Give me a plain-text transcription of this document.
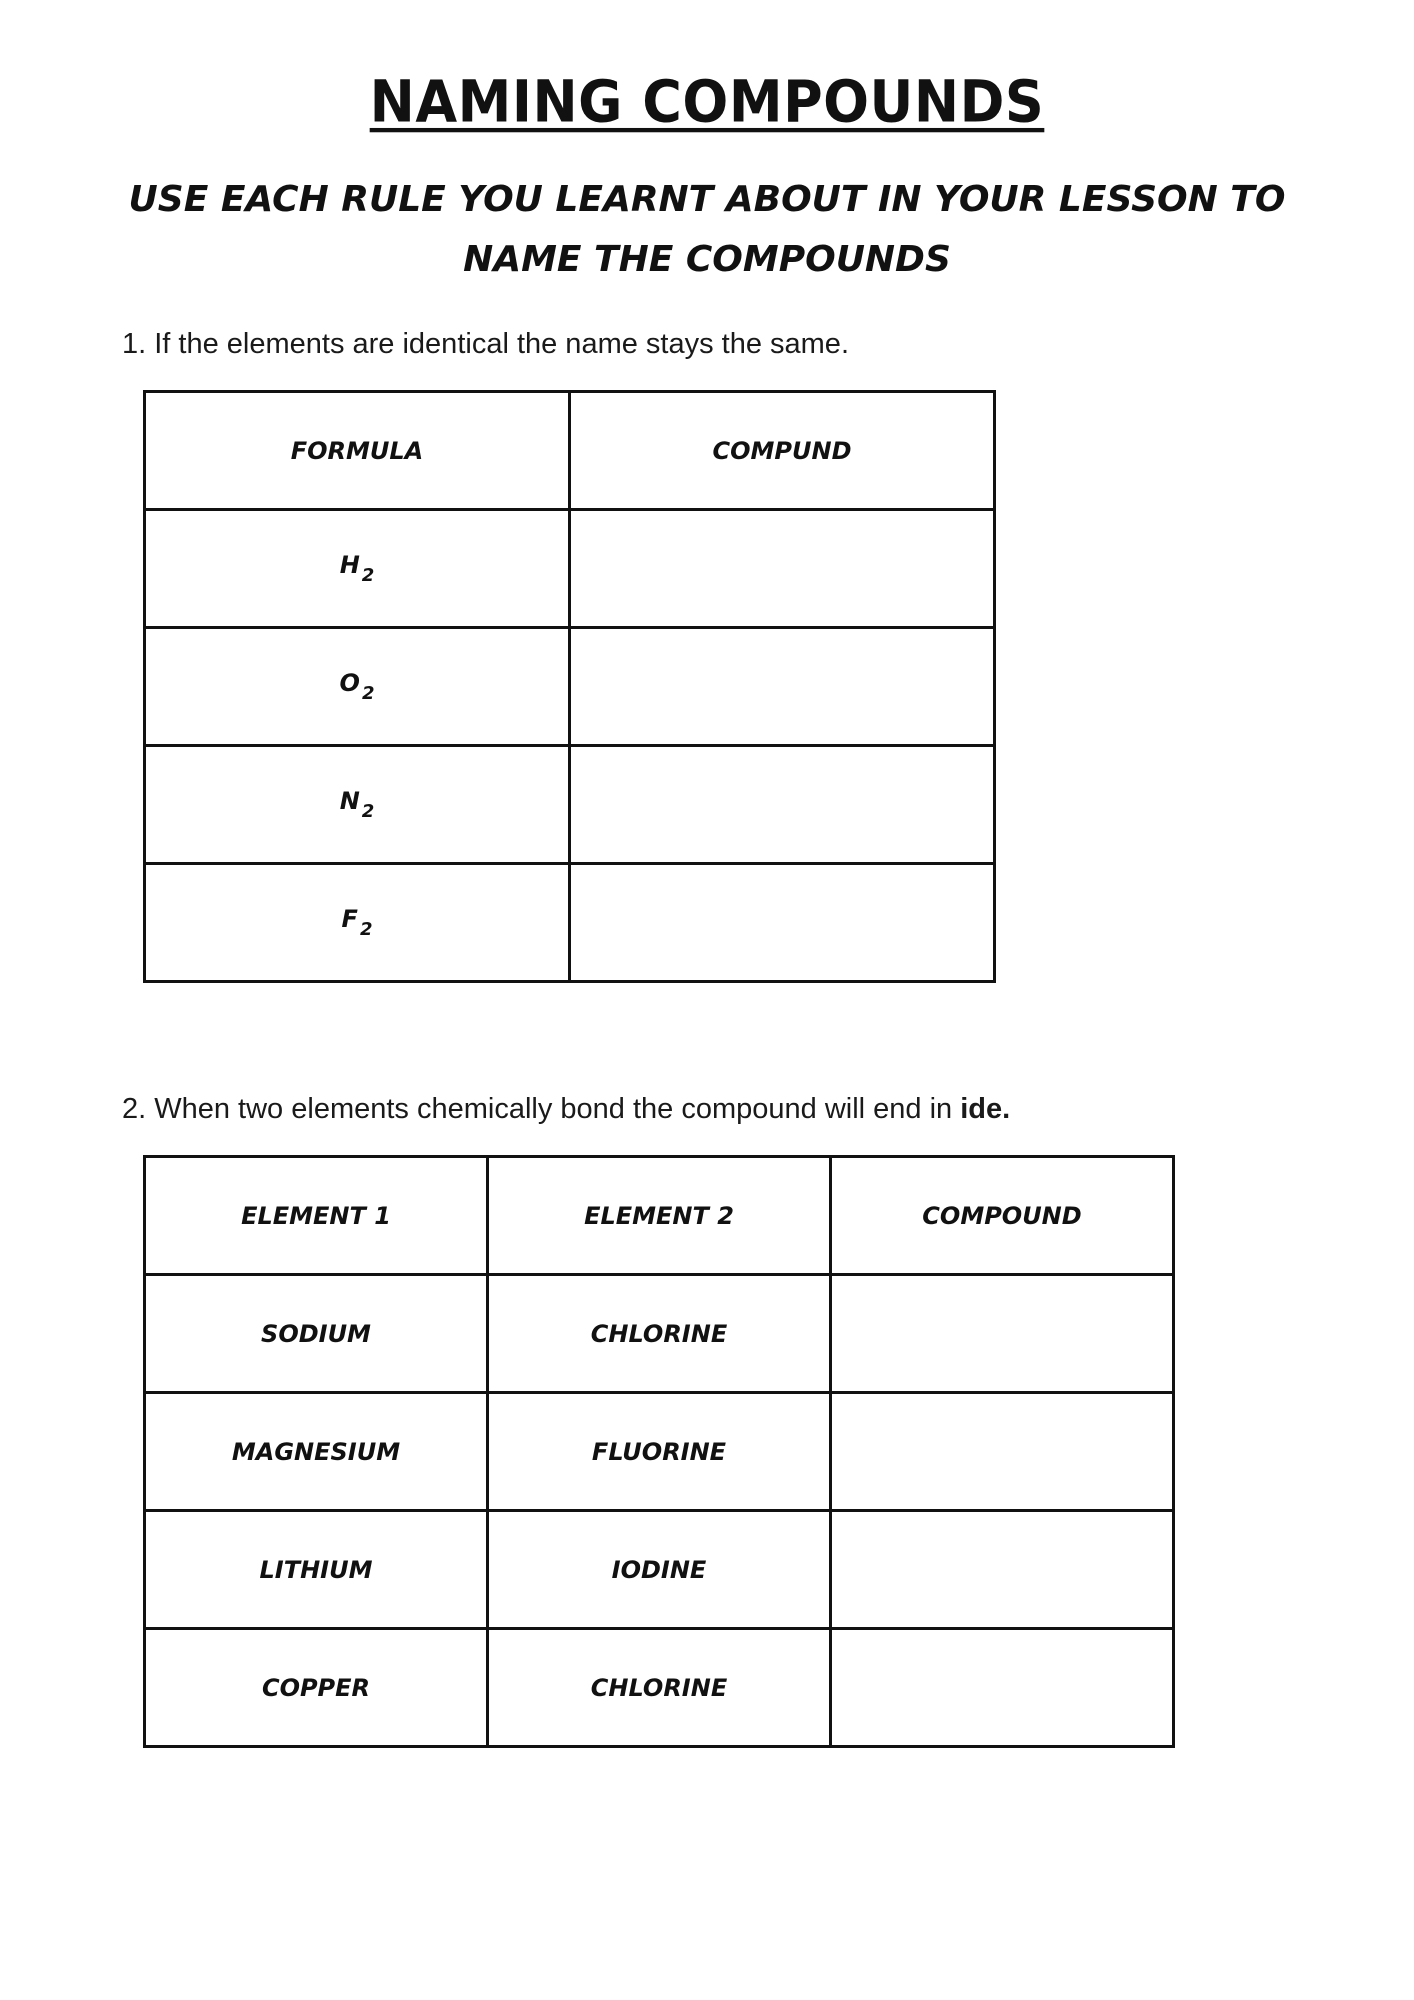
NAMING COMPOUNDS
USE EACH RULE YOU LEARNT ABOUT IN YOUR LESSON TO NAME THE COMPOUNDS
1. If the elements are identical the name stays the same.
FORMULA	COMPUND
H $_2$	
O $_2$	
N $_2$	
F $_2$	
2. When two elements chemically bond the compound will end in ide.
ELEMENT 1	ELEMENT 2	COMPOUND
SODIUM	CHLORINE	
MAGNESIUM	FLUORINE	
LITHIUM	IODINE	
COPPER	CHLORINE	
